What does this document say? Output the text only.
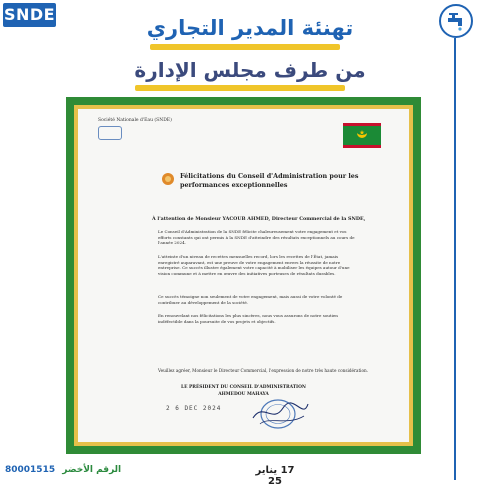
SNDE
تهنئة المدير التجاري
من طرف مجلس الإدارة
Société Nationale d'Eau (SNDE)
Félicitations du Conseil d'Administration pour les performances exceptionnelles
À l'attention de Monsieur YACOUB AHMED, Directeur Commercial de la SNDE,
Le Conseil d'Administration de la SNDE félicite chaleureusement votre engagement et vos efforts constants qui ont permis à la SNDE d'atteindre des résultats exceptionnels au cours de l'année 2024.
L'atteinte d'un niveau de recettes mensuelles record, lors les recettes de l'État, jamais enregistré auparavant, est une preuve de votre engagement envers la réussite de notre entreprise. Ce succès illustre également votre capacité à mobiliser les équipes autour d'une vision commune et à mettre en œuvre des initiatives porteuses de résultats durables.
Ce succès témoigne non seulement de votre engagement, mais aussi de votre volonté de contribuer au développement de la société.
En renouvelant nos félicitations les plus sincères, nous vous assurons de notre soutien indéfectible dans la poursuite de vos projets et objectifs.
Veuillez agréer, Monsieur le Directeur Commercial, l'expression de notre très haute considération.
LE PRÉSIDENT DU CONSEIL D'ADMINISTRATION
AHMEDOU MAHAYA
2 6 DEC 2024
17 يناير 25
80001515 الرقم الأخضر
